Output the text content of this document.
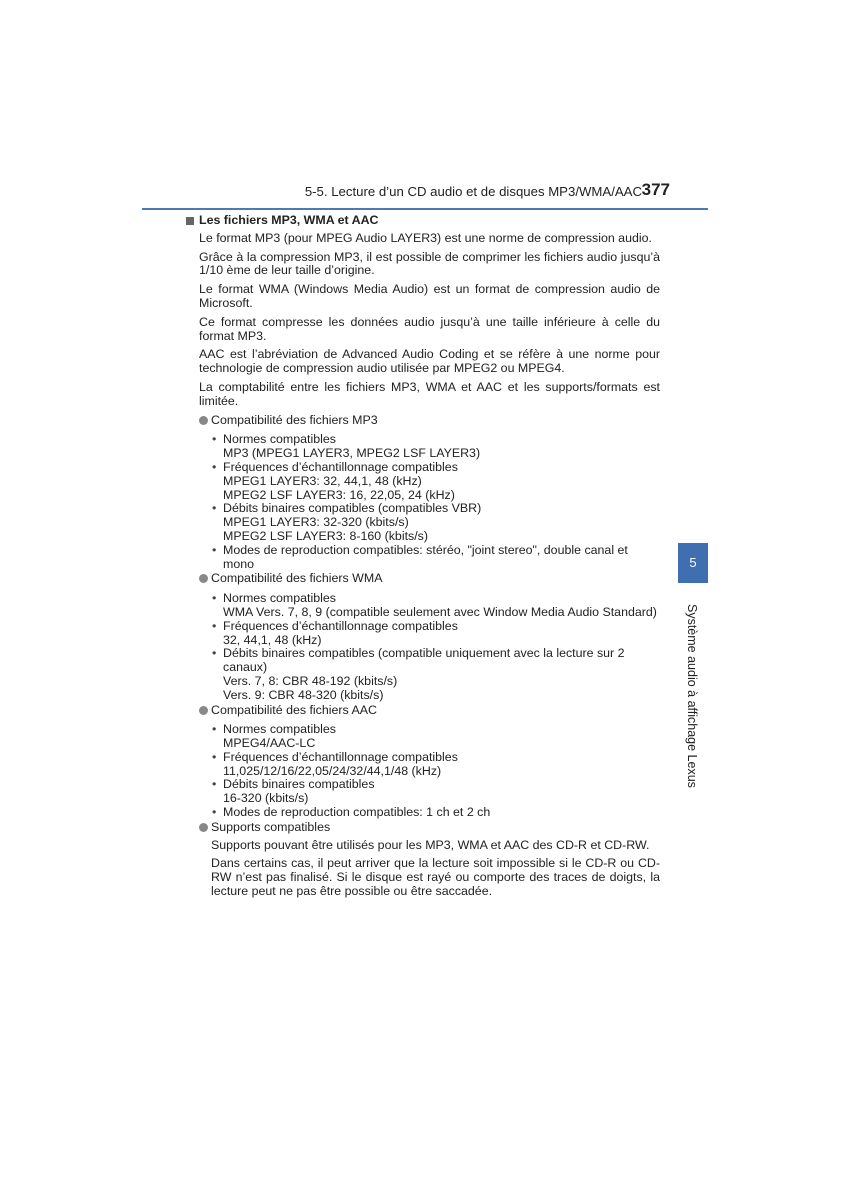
5-5. Lecture d’un CD audio et de disques MP3/WMA/AAC 377
5
Système audio à affichage Lexus
Les fichiers MP3, WMA et AAC

Le format MP3 (pour MPEG Audio LAYER3) est une norme de compression audio.

Grâce à la compression MP3, il est possible de comprimer les fichiers audio jusqu’à 1/10 ème de leur taille d’origine.

Le format WMA (Windows Media Audio) est un format de compression audio de Microsoft.

Ce format compresse les données audio jusqu’à une taille inférieure à celle du format MP3.

AAC est l’abréviation de Advanced Audio Coding et se réfère à une norme pour technologie de compression audio utilisée par MPEG2 ou MPEG4.

La comptabilité entre les fichiers MP3, WMA et AAC et les supports/formats est limitée.

Compatibilité des fichiers MP3
• Normes compatibles
MP3 (MPEG1 LAYER3, MPEG2 LSF LAYER3)
• Fréquences d’échantillonnage compatibles
MPEG1 LAYER3: 32, 44,1, 48 (kHz)
MPEG2 LSF LAYER3: 16, 22,05, 24 (kHz)
• Débits binaires compatibles (compatibles VBR)
MPEG1 LAYER3: 32-320 (kbits/s)
MPEG2 LSF LAYER3: 8-160 (kbits/s)
• Modes de reproduction compatibles: stéréo, "joint stereo", double canal et mono
Compatibilité des fichiers WMA
• Normes compatibles
WMA Vers. 7, 8, 9 (compatible seulement avec Window Media Audio Standard)
• Fréquences d’échantillonnage compatibles
32, 44,1, 48 (kHz)
• Débits binaires compatibles (compatible uniquement avec la lecture sur 2 canaux)
Vers. 7, 8: CBR 48-192 (kbits/s)
Vers. 9: CBR 48-320 (kbits/s)
Compatibilité des fichiers AAC
• Normes compatibles
MPEG4/AAC-LC
• Fréquences d’échantillonnage compatibles
11,025/12/16/22,05/24/32/44,1/48 (kHz)
• Débits binaires compatibles
16-320 (kbits/s)
• Modes de reproduction compatibles: 1 ch et 2 ch
Supports compatibles

Supports pouvant être utilisés pour les MP3, WMA et AAC des CD-R et CD-RW.

Dans certains cas, il peut arriver que la lecture soit impossible si le CD-R ou CD-RW n’est pas finalisé. Si le disque est rayé ou comporte des traces de doigts, la lecture peut ne pas être possible ou être saccadée.
